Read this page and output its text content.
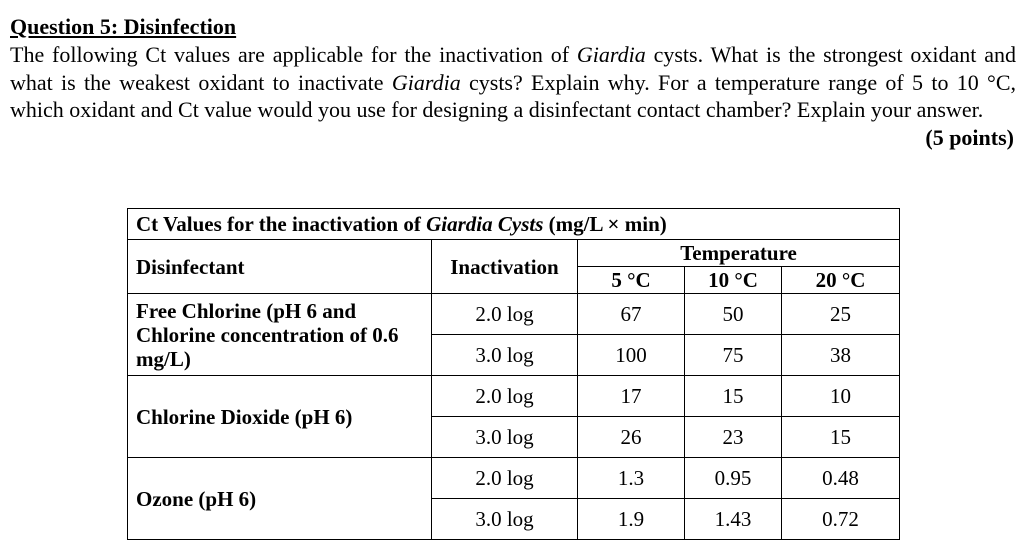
Question 5: Disinfection
The following Ct values are applicable for the inactivation of Giardia cysts. What is the strongest oxidant and what is the weakest oxidant to inactivate Giardia cysts? Explain why. For a temperature range of 5 to 10 °C, which oxidant and Ct value would you use for designing a disinfectant contact chamber? Explain your answer.
(5 points)
Ct Values for the inactivation of Giardia Cysts (mg/L × min)				
Disinfectant	Inactivation	Temperature		
		5 °C	10 °C	20 °C
Free Chlorine (pH 6 and Chlorine concentration of 0.6 mg/L)	2.0 log	67	50	25
	3.0 log	100	75	38
Chlorine Dioxide (pH 6)	2.0 log	17	15	10
	3.0 log	26	23	15
Ozone (pH 6)	2.0 log	1.3	0.95	0.48
	3.0 log	1.9	1.43	0.72
